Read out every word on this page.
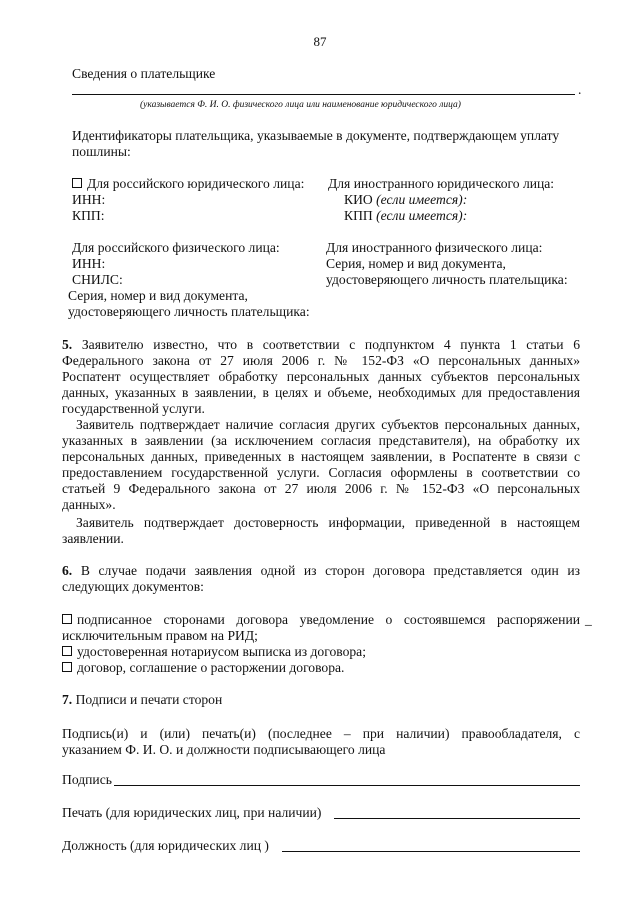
87
Сведения о плательщике
.
(указывается Ф. И. О. физического лица или наименование юридического лица)
Идентификаторы плательщика, указываемые в документе, подтверждающем уплату
пошлины:
Для российского юридического лица:
ИНН:
КПП:
Для иностранного юридического лица:
КИО (если имеется):
КПП (если имеется):
Для российского физического лица:
ИНН:
СНИЛС:
Серия, номер и вид документа,
удостоверяющего личность плательщика:
Для иностранного физического лица:
Серия, номер и вид документа,
удостоверяющего личность плательщика:
5. Заявителю известно, что в соответствии с подпунктом 4 пункта 1 статьи 6
Федерального закона от 27 июля 2006 г. № 152-ФЗ «О персональных данных»
Роспатент осуществляет обработку персональных данных субъектов персональных
данных, указанных в заявлении, в целях и объеме, необходимых для предоставления
государственной услуги.
Заявитель подтверждает наличие согласия других субъектов персональных данных,
указанных в заявлении (за исключением согласия представителя), на обработку их
персональных данных, приведенных в настоящем заявлении, в Роспатенте в связи с
предоставлением государственной услуги. Согласия оформлены в соответствии со
статьей 9 Федерального закона от 27 июля 2006 г. № 152-ФЗ «О персональных
данных».
Заявитель подтверждает достоверность информации, приведенной в настоящем
заявлении.
6. В случае подачи заявления одной из сторон договора представляется один из
следующих документов:
подписанное сторонами договора уведомление о состоявшемся распоряжении
исключительным правом на РИД;
_
удостоверенная нотариусом выписка из договора;
договор, соглашение о расторжении договора.
7. Подписи и печати сторон
Подпись(и) и (или) печать(и) (последнее – при наличии) правообладателя, с
указанием Ф. И. О. и должности подписывающего лица
Подпись
Печать (для юридических лиц, при наличии)
Должность (для юридических лиц )
